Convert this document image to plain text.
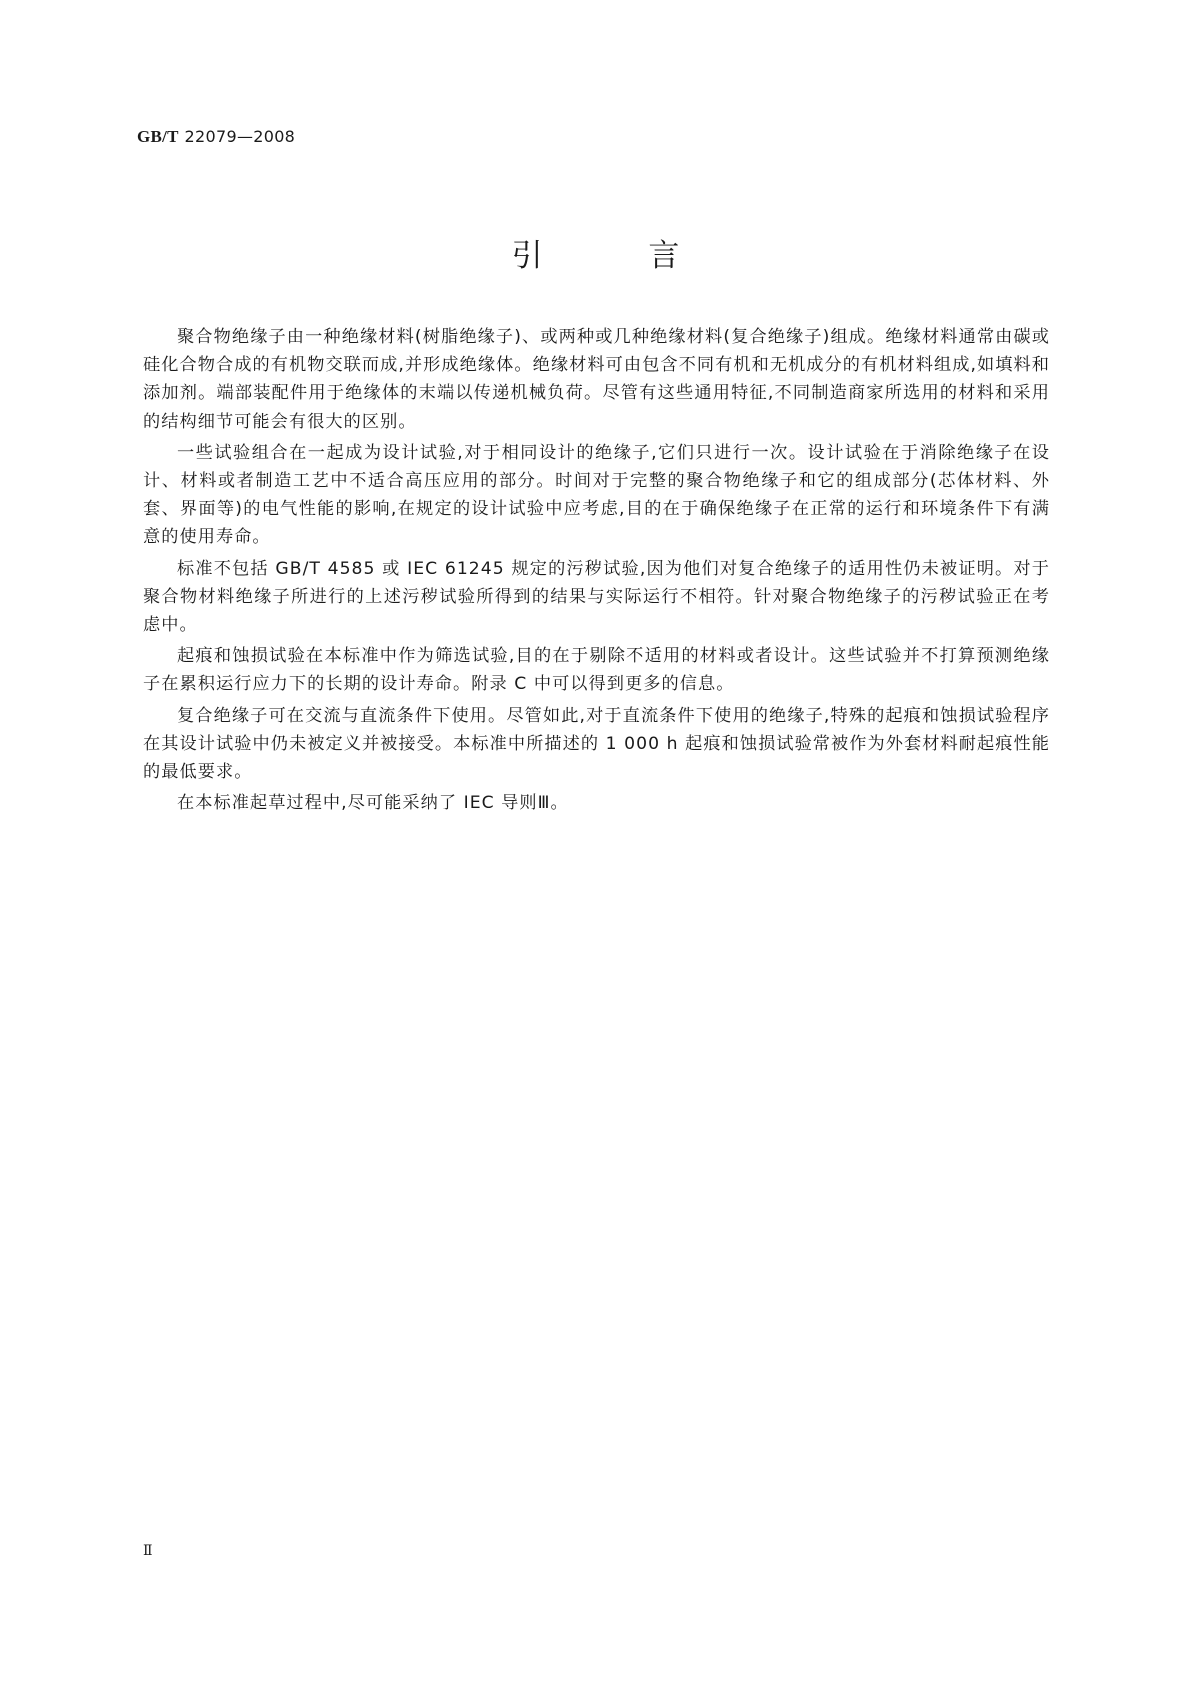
GB/T 22079—2008
引 言

聚合物绝缘子由一种绝缘材料(树脂绝缘子)、或两种或几种绝缘材料(复合绝缘子)组成。绝缘材料通常由碳或硅化合物合成的有机物交联而成,并形成绝缘体。绝缘材料可由包含不同有机和无机成分的有机材料组成,如填料和添加剂。端部装配件用于绝缘体的末端以传递机械负荷。尽管有这些通用特征,不同制造商家所选用的材料和采用的结构细节可能会有很大的区别。

一些试验组合在一起成为设计试验,对于相同设计的绝缘子,它们只进行一次。设计试验在于消除绝缘子在设计、材料或者制造工艺中不适合高压应用的部分。时间对于完整的聚合物绝缘子和它的组成部分(芯体材料、外套、界面等)的电气性能的影响,在规定的设计试验中应考虑,目的在于确保绝缘子在正常的运行和环境条件下有满意的使用寿命。

标准不包括 GB/T 4585 或 IEC 61245 规定的污秽试验,因为他们对复合绝缘子的适用性仍未被证明。对于聚合物材料绝缘子所进行的上述污秽试验所得到的结果与实际运行不相符。针对聚合物绝缘子的污秽试验正在考虑中。

起痕和蚀损试验在本标准中作为筛选试验,目的在于剔除不适用的材料或者设计。这些试验并不打算预测绝缘子在累积运行应力下的长期的设计寿命。附录 C 中可以得到更多的信息。

复合绝缘子可在交流与直流条件下使用。尽管如此,对于直流条件下使用的绝缘子,特殊的起痕和蚀损试验程序在其设计试验中仍未被定义并被接受。本标准中所描述的 1 000 h 起痕和蚀损试验常被作为外套材料耐起痕性能的最低要求。

在本标准起草过程中,尽可能采纳了 IEC 导则Ⅲ。

Ⅱ
